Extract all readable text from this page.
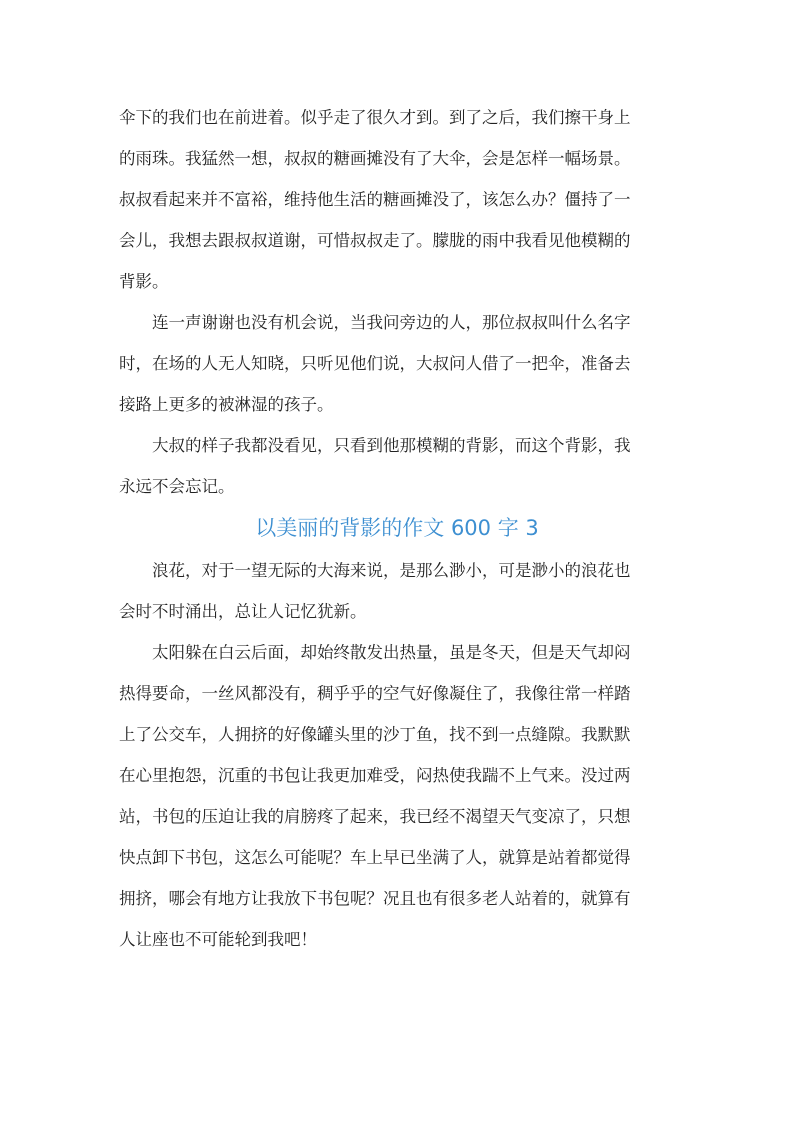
伞下的我们也在前进着。似乎走了很久才到。到了之后，我们擦干身上
的雨珠。我猛然一想，叔叔的糖画摊没有了大伞，会是怎样一幅场景。
叔叔看起来并不富裕，维持他生活的糖画摊没了，该怎么办？僵持了一
会儿，我想去跟叔叔道谢，可惜叔叔走了。朦胧的雨中我看见他模糊的
背影。
连一声谢谢也没有机会说，当我问旁边的人，那位叔叔叫什么名字
时，在场的人无人知晓，只听见他们说，大叔问人借了一把伞，准备去
接路上更多的被淋湿的孩子。
大叔的样子我都没看见，只看到他那模糊的背影，而这个背影，我
永远不会忘记。
以美丽的背影的作文 600 字 3
浪花，对于一望无际的大海来说，是那么渺小，可是渺小的浪花也
会时不时涌出，总让人记忆犹新。
太阳躲在白云后面，却始终散发出热量，虽是冬天，但是天气却闷
热得要命，一丝风都没有，稠乎乎的空气好像凝住了，我像往常一样踏
上了公交车，人拥挤的好像罐头里的沙丁鱼，找不到一点缝隙。我默默
在心里抱怨，沉重的书包让我更加难受，闷热使我踹不上气来。没过两
站，书包的压迫让我的肩膀疼了起来，我已经不渴望天气变凉了，只想
快点卸下书包，这怎么可能呢？车上早已坐满了人，就算是站着都觉得
拥挤，哪会有地方让我放下书包呢？况且也有很多老人站着的，就算有
人让座也不可能轮到我吧！
